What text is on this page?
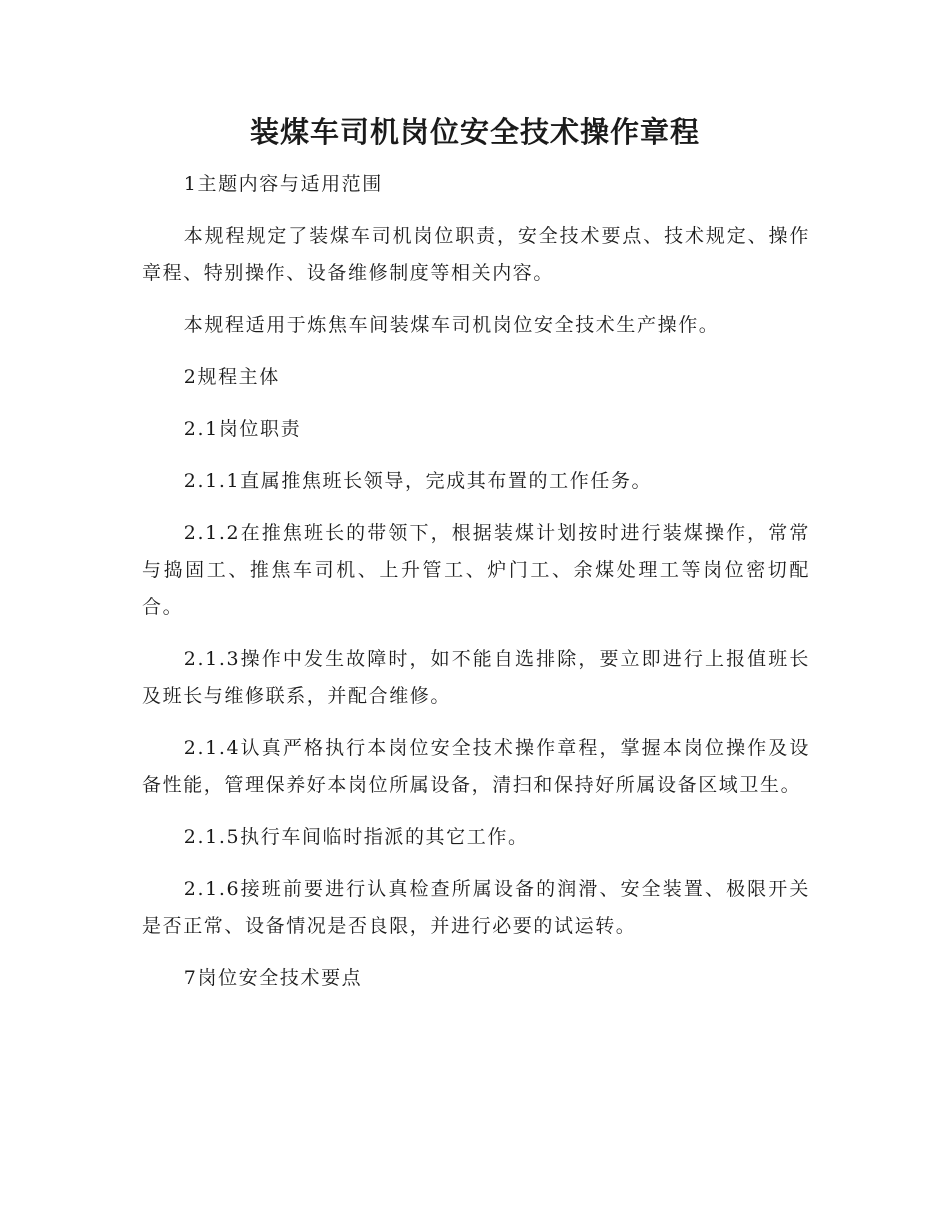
装煤车司机岗位安全技术操作章程

1主题内容与适用范围

本规程规定了装煤车司机岗位职责，安全技术要点、技术规定、操作章程、特别操作、设备维修制度等相关内容。

本规程适用于炼焦车间装煤车司机岗位安全技术生产操作。

2规程主体

2.1岗位职责

2.1.1直属推焦班长领导，完成其布置的工作任务。

2.1.2在推焦班长的带领下，根据装煤计划按时进行装煤操作，常常与捣固工、推焦车司机、上升管工、炉门工、余煤处理工等岗位密切配合。

2.1.3操作中发生故障时，如不能自选排除，要立即进行上报值班长及班长与维修联系，并配合维修。

2.1.4认真严格执行本岗位安全技术操作章程，掌握本岗位操作及设备性能，管理保养好本岗位所属设备，清扫和保持好所属设备区域卫生。

2.1.5执行车间临时指派的其它工作。

2.1.6接班前要进行认真检查所属设备的润滑、安全装置、极限开关是否正常、设备情况是否良限，并进行必要的试运转。

7岗位安全技术要点
